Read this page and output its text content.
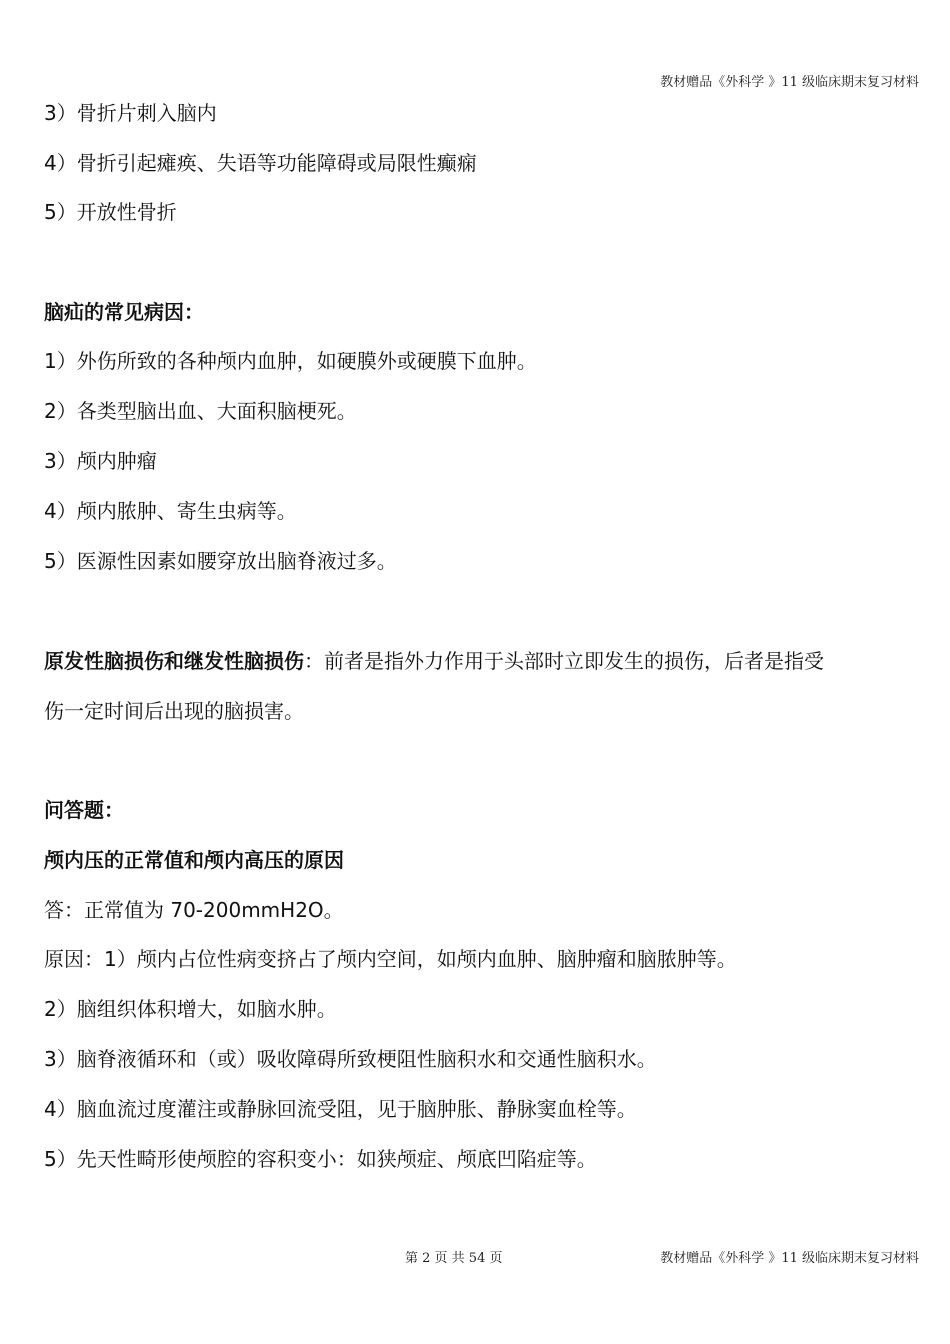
教材赠品《外科学 》11 级临床期末复习材料
3）骨折片刺入脑内
4）骨折引起瘫痪、失语等功能障碍或局限性癫痫
5）开放性骨折
脑疝的常见病因：
1）外伤所致的各种颅内血肿，如硬膜外或硬膜下血肿。
2）各类型脑出血、大面积脑梗死。
3）颅内肿瘤
4）颅内脓肿、寄生虫病等。
5）医源性因素如腰穿放出脑脊液过多。
原发性脑损伤和继发性脑损伤：前者是指外力作用于头部时立即发生的损伤，后者是指受
伤一定时间后出现的脑损害。
问答题：
颅内压的正常值和颅内高压的原因
答：正常值为 70-200mmH2O。
原因：1）颅内占位性病变挤占了颅内空间，如颅内血肿、脑肿瘤和脑脓肿等。
2）脑组织体积增大，如脑水肿。
3）脑脊液循环和（或）吸收障碍所致梗阻性脑积水和交通性脑积水。
4）脑血流过度灌注或静脉回流受阻，见于脑肿胀、静脉窦血栓等。
5）先天性畸形使颅腔的容积变小：如狭颅症、颅底凹陷症等。
第 2 页 共 54 页	教材赠品《外科学 》11 级临床期末复习材料
